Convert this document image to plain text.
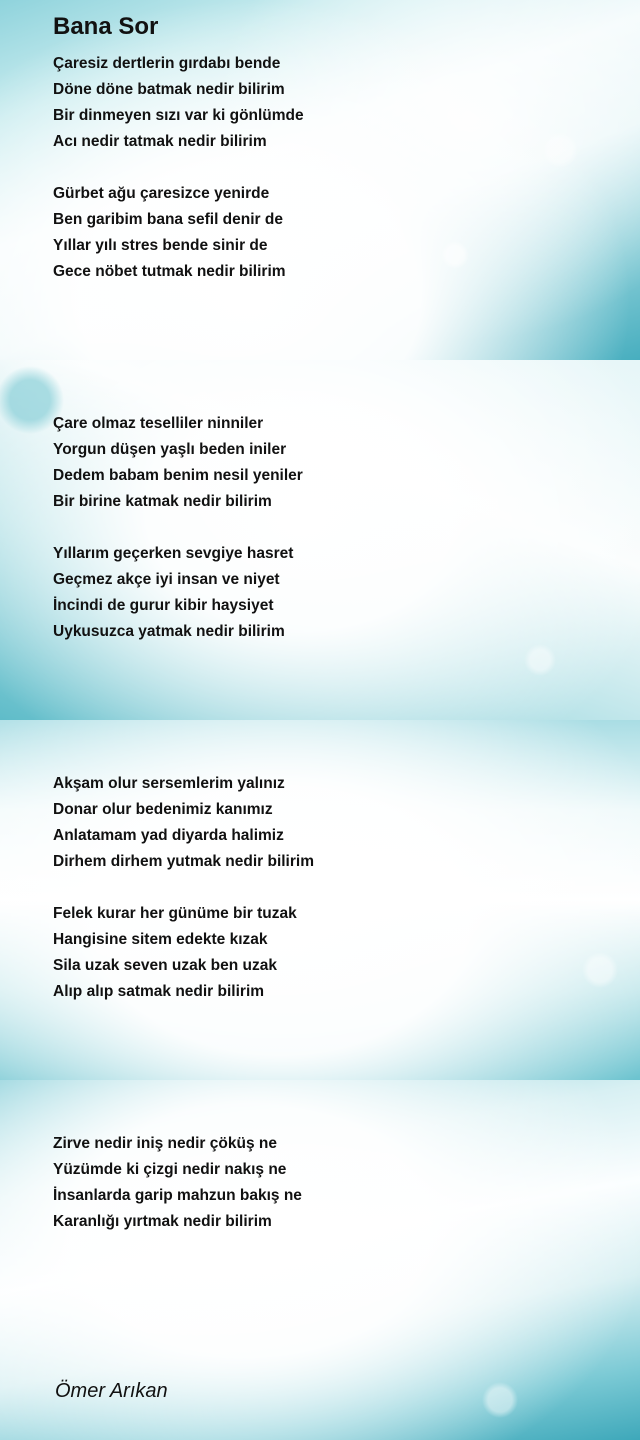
Bana Sor
Çaresiz dertlerin gırdabı bende
Döne döne batmak nedir bilirim
Bir dinmeyen sızı var ki gönlümde
Acı nedir tatmak nedir bilirim
Gürbet ağu çaresizce yenirde
Ben garibim bana sefil denir de
Yıllar yılı stres bende sinir de
Gece nöbet tutmak nedir bilirim
Çare olmaz teselliler ninniler
Yorgun düşen yaşlı beden iniler
Dedem babam benim nesil yeniler
Bir birine katmak nedir bilirim
Yıllarım geçerken sevgiye hasret
Geçmez akçe iyi insan ve niyet
İncindi de gurur kibir haysiyet
Uykusuzca yatmak nedir bilirim
Akşam olur sersemlerim yalınız
Donar olur bedenimiz kanımız
Anlatamam yad diyarda halimiz
Dirhem dirhem yutmak nedir bilirim
Felek kurar her günüme bir tuzak
Hangisine sitem edekte kızak
Sila uzak seven uzak ben uzak
Alıp alıp satmak nedir bilirim
Zirve nedir iniş nedir çöküş ne
Yüzümde ki çizgi nedir nakış ne
İnsanlarda garip mahzun bakış ne
Karanlığı yırtmak nedir bilirim
Ömer Arıkan
